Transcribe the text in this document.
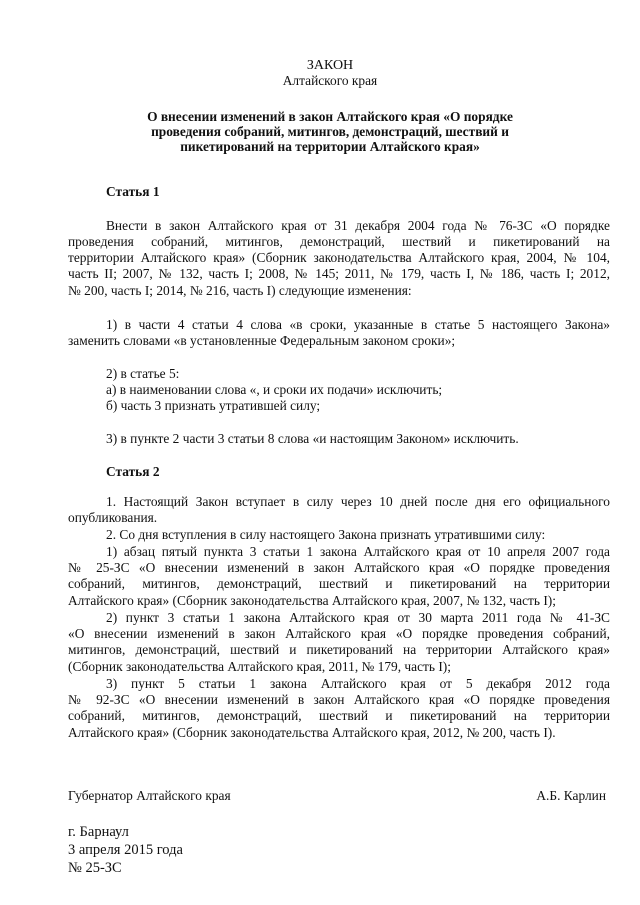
ЗАКОН
Алтайского края
О внесении изменений в закон Алтайского края «О порядке
проведения собраний, митингов, демонстраций, шествий и
пикетирований на территории Алтайского края»
Статья 1
Внести в закон Алтайского края от 31 декабря 2004 года № 76-ЗС «О порядке
проведения собраний, митингов, демонстраций, шествий и пикетирований на
территории Алтайского края» (Сборник законодательства Алтайского края, 2004, № 104,
часть II; 2007, № 132, часть I; 2008, № 145; 2011, № 179, часть I, № 186, часть I; 2012,
№ 200, часть I; 2014, № 216, часть I) следующие изменения:
1) в части 4 статьи 4 слова «в сроки, указанные в статье 5 настоящего Закона»
заменить словами «в установленные Федеральным законом сроки»;
2) в статье 5:
а) в наименовании слова «, и сроки их подачи» исключить;
б) часть 3 признать утратившей силу;
3) в пункте 2 части 3 статьи 8 слова «и настоящим Законом» исключить.
Статья 2
1. Настоящий Закон вступает в силу через 10 дней после дня его официального
опубликования.
2. Со дня вступления в силу настоящего Закона признать утратившими силу:
1) абзац пятый пункта 3 статьи 1 закона Алтайского края от 10 апреля 2007 года
№ 25-ЗС «О внесении изменений в закон Алтайского края «О порядке проведения
собраний, митингов, демонстраций, шествий и пикетирований на территории
Алтайского края» (Сборник законодательства Алтайского края, 2007, № 132, часть I);
2) пункт 3 статьи 1 закона Алтайского края от 30 марта 2011 года № 41-ЗС
«О внесении изменений в закон Алтайского края «О порядке проведения собраний,
митингов, демонстраций, шествий и пикетирований на территории Алтайского края»
(Сборник законодательства Алтайского края, 2011, № 179, часть I);
3) пункт 5 статьи 1 закона Алтайского края от 5 декабря 2012 года
№ 92-ЗС «О внесении изменений в закон Алтайского края «О порядке проведения
собраний, митингов, демонстраций, шествий и пикетирований на территории
Алтайского края» (Сборник законодательства Алтайского края, 2012, № 200, часть I).
Губернатор Алтайского края	А.Б. Карлин
г. Барнаул
3 апреля 2015 года
№ 25-ЗС
